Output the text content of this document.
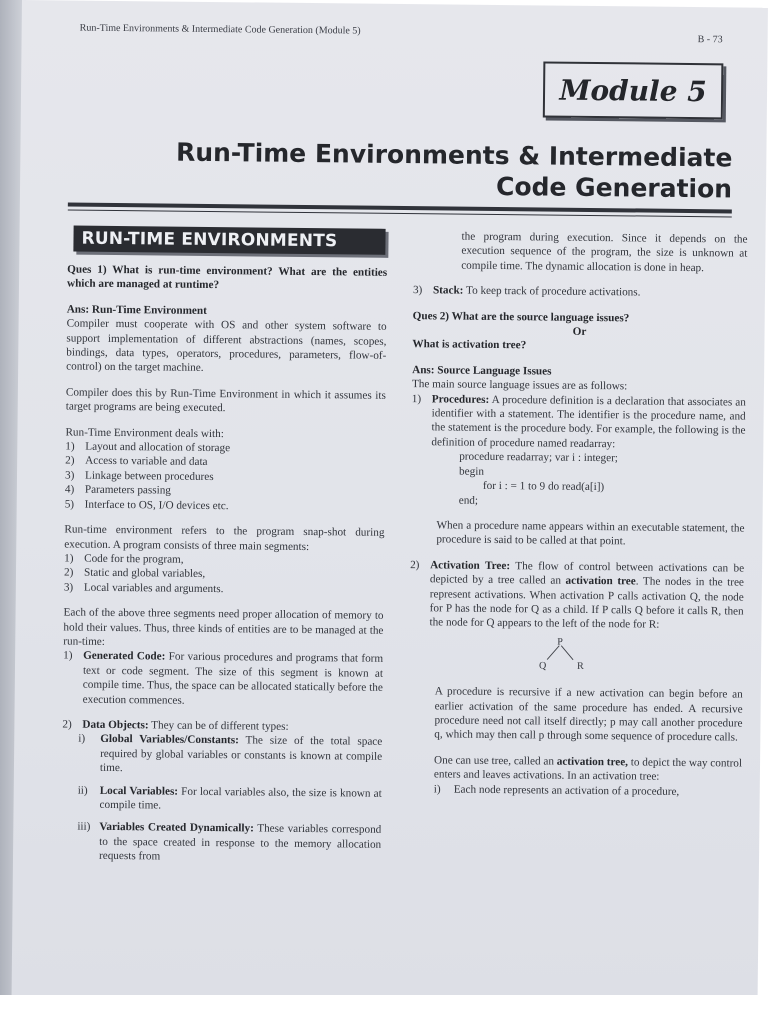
Run-Time Environments & Intermediate Code Generation (Module 5)
B - 73
Module 5
Run-Time Environments & Intermediate
Code Generation
RUN-TIME ENVIRONMENTS
Ques 1) What is run-time environment? What are the entities which are managed at runtime?
Ans: Run-Time Environment
Compiler must cooperate with OS and other system software to support implementation of different abstractions (names, scopes, bindings, data types, operators, procedures, parameters, flow-of-control) on the target machine.
Compiler does this by Run-Time Environment in which it assumes its target programs are being executed.
Run-Time Environment deals with:
1) Layout and allocation of storage
2) Access to variable and data
3) Linkage between procedures
4) Parameters passing
5) Interface to OS, I/O devices etc.
Run-time environment refers to the program snap-shot during execution. A program consists of three main segments:
1) Code for the program,
2) Static and global variables,
3) Local variables and arguments.
Each of the above three segments need proper allocation of memory to hold their values. Thus, three kinds of entities are to be managed at the run-time:
1) Generated Code: For various procedures and programs that form text or code segment. The size of this segment is known at compile time. Thus, the space can be allocated statically before the execution commences.
2) Data Objects: They can be of different types:
i)	Global Variables/Constants: The size of the total space required by global variables or constants is known at compile time.
ii)	Local Variables: For local variables also, the size is known at compile time.
iii) Variables Created Dynamically: These variables correspond to the space created in response to the memory allocation requests from
the program during execution. Since it depends on the execution sequence of the program, the size is unknown at compile time. The dynamic allocation is done in heap.
3) Stack: To keep track of procedure activations.
Ques 2) What are the source language issues?
Or
What is activation tree?
Ans: Source Language Issues
The main source language issues are as follows:
1) Procedures: A procedure definition is a declaration that associates an identifier with a statement. The identifier is the procedure name, and the statement is the procedure body. For example, the following is the definition of procedure named readarray:
procedure readarray; var i : integer;
begin
for i : = 1 to 9 do read(a[i])
end;
When a procedure name appears within an executable statement, the procedure is said to be called at that point.
2) Activation Tree: The flow of control between activations can be depicted by a tree called an activation tree. The nodes in the tree represent activations. When activation P calls activation Q, the node for P has the node for Q as a child. If P calls Q before it calls R, then the node for Q appears to the left of the node for R:
P
Q	R
A procedure is recursive if a new activation can begin before an earlier activation of the same procedure has ended. A recursive procedure need not call itself directly; p may call another procedure q, which may then call p through some sequence of procedure calls.
One can use tree, called an activation tree, to depict the way control enters and leaves activations. In an activation tree:
i)	Each node represents an activation of a procedure,
